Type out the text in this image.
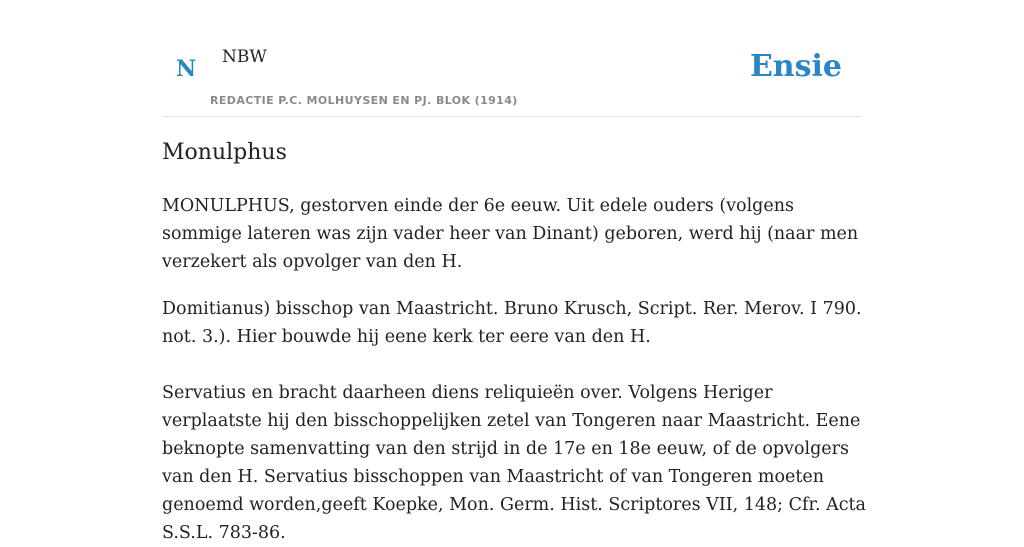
N NBW
REDACTIE P.C. MOLHUYSEN EN PJ. BLOK (1914)
Ensie
Monulphus

MONULPHUS, gestorven einde der 6e eeuw. Uit edele ouders (volgens sommige lateren was zijn vader heer van Dinant) geboren, werd hij (naar men verzekert als opvolger van den H.

Domitianus) bisschop van Maastricht. Bruno Krusch, Script. Rer. Merov. I 790. not. 3.). Hier bouwde hij eene kerk ter eere van den H.

Servatius en bracht daarheen diens reliquieën over. Volgens Heriger verplaatste hij den bisschoppelijken zetel van Tongeren naar Maastricht. Eene beknopte samenvatting van den strijd in de 17e en 18e eeuw, of de opvolgers van den H. Servatius bisschoppen van Maastricht of van Tongeren moeten genoemd worden,geeft Koepke, Mon. Germ. Hist. Scriptores VII, 148; Cfr. Acta S.S.L. 783-86.
